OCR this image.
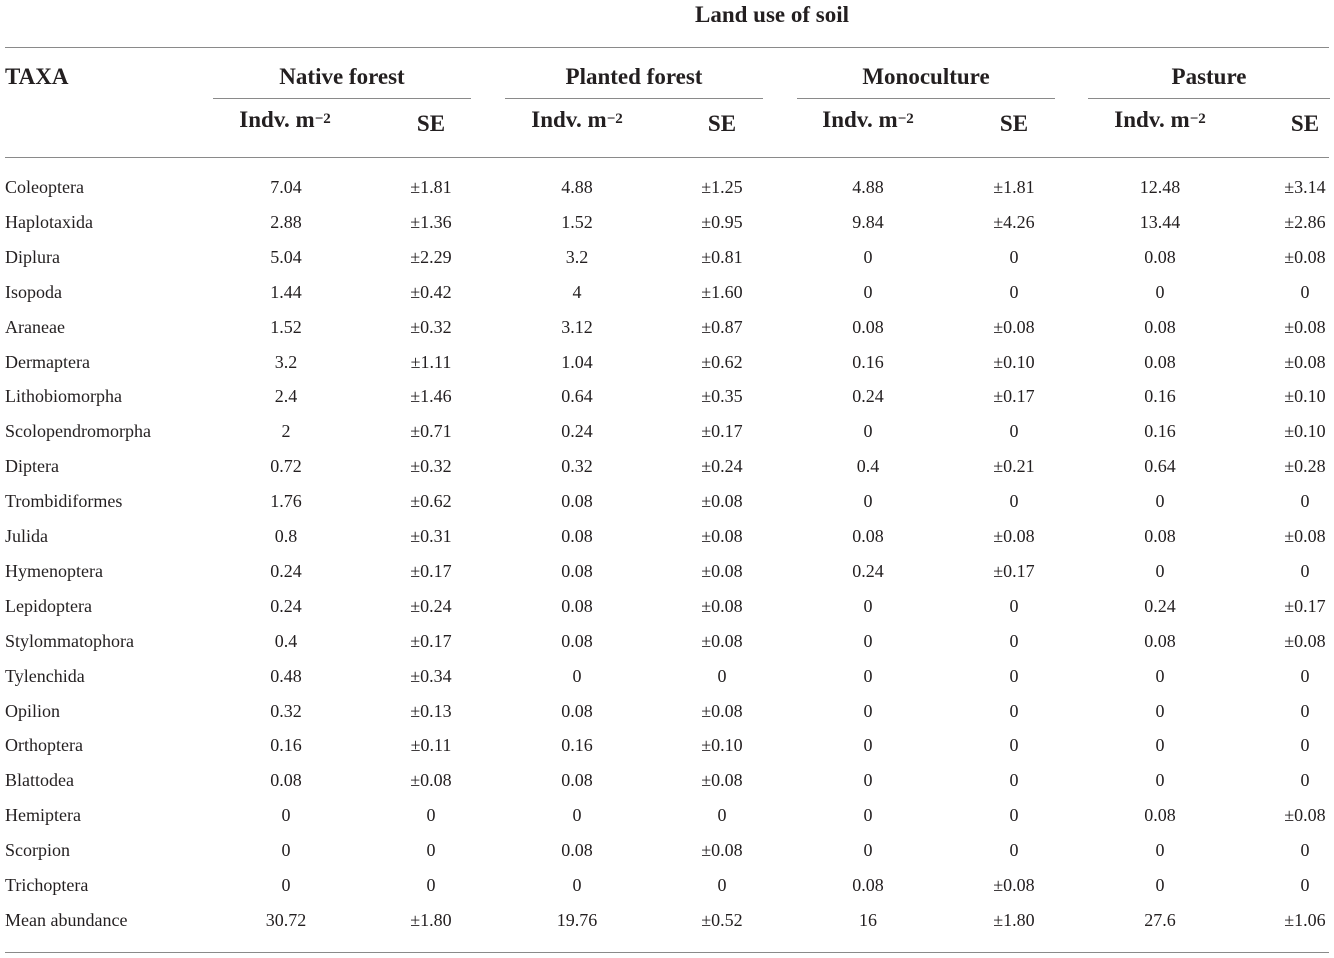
Land use of soil
TAXA	Native forest	Planted forest	Monoculture	Pasture
Indv. $m^{-2}$	SE	Indv. $m^{-2}$	SE	Indv. $m^{-2}$	SE	Indv. $m^{-2}$	SE
Coleoptera	7.04	±1.81	4.88	±1.25	4.88	±1.81	12.48	±3.14
Haplotaxida	2.88	±1.36	1.52	±0.95	9.84	±4.26	13.44	±2.86
Diplura	5.04	±2.29	3.2	±0.81	0	0	0.08	±0.08
Isopoda	1.44	±0.42	4	±1.60	0	0	0	0
Araneae	1.52	±0.32	3.12	±0.87	0.08	±0.08	0.08	±0.08
Dermaptera	3.2	±1.11	1.04	±0.62	0.16	±0.10	0.08	±0.08
Lithobiomorpha	2.4	±1.46	0.64	±0.35	0.24	±0.17	0.16	±0.10
Scolopendromorpha	2	±0.71	0.24	±0.17	0	0	0.16	±0.10
Diptera	0.72	±0.32	0.32	±0.24	0.4	±0.21	0.64	±0.28
Trombidiformes	1.76	±0.62	0.08	±0.08	0	0	0	0
Julida	0.8	±0.31	0.08	±0.08	0.08	±0.08	0.08	±0.08
Hymenoptera	0.24	±0.17	0.08	±0.08	0.24	±0.17	0	0
Lepidoptera	0.24	±0.24	0.08	±0.08	0	0	0.24	±0.17
Stylommatophora	0.4	±0.17	0.08	±0.08	0	0	0.08	±0.08
Tylenchida	0.48	±0.34	0	0	0	0	0	0
Opilion	0.32	±0.13	0.08	±0.08	0	0	0	0
Orthoptera	0.16	±0.11	0.16	±0.10	0	0	0	0
Blattodea	0.08	±0.08	0.08	±0.08	0	0	0	0
Hemiptera	0	0	0	0	0	0	0.08	±0.08
Scorpion	0	0	0.08	±0.08	0	0	0	0
Trichoptera	0	0	0	0	0.08	±0.08	0	0
Mean abundance	30.72	±1.80	19.76	±0.52	16	±1.80	27.6	±1.06
